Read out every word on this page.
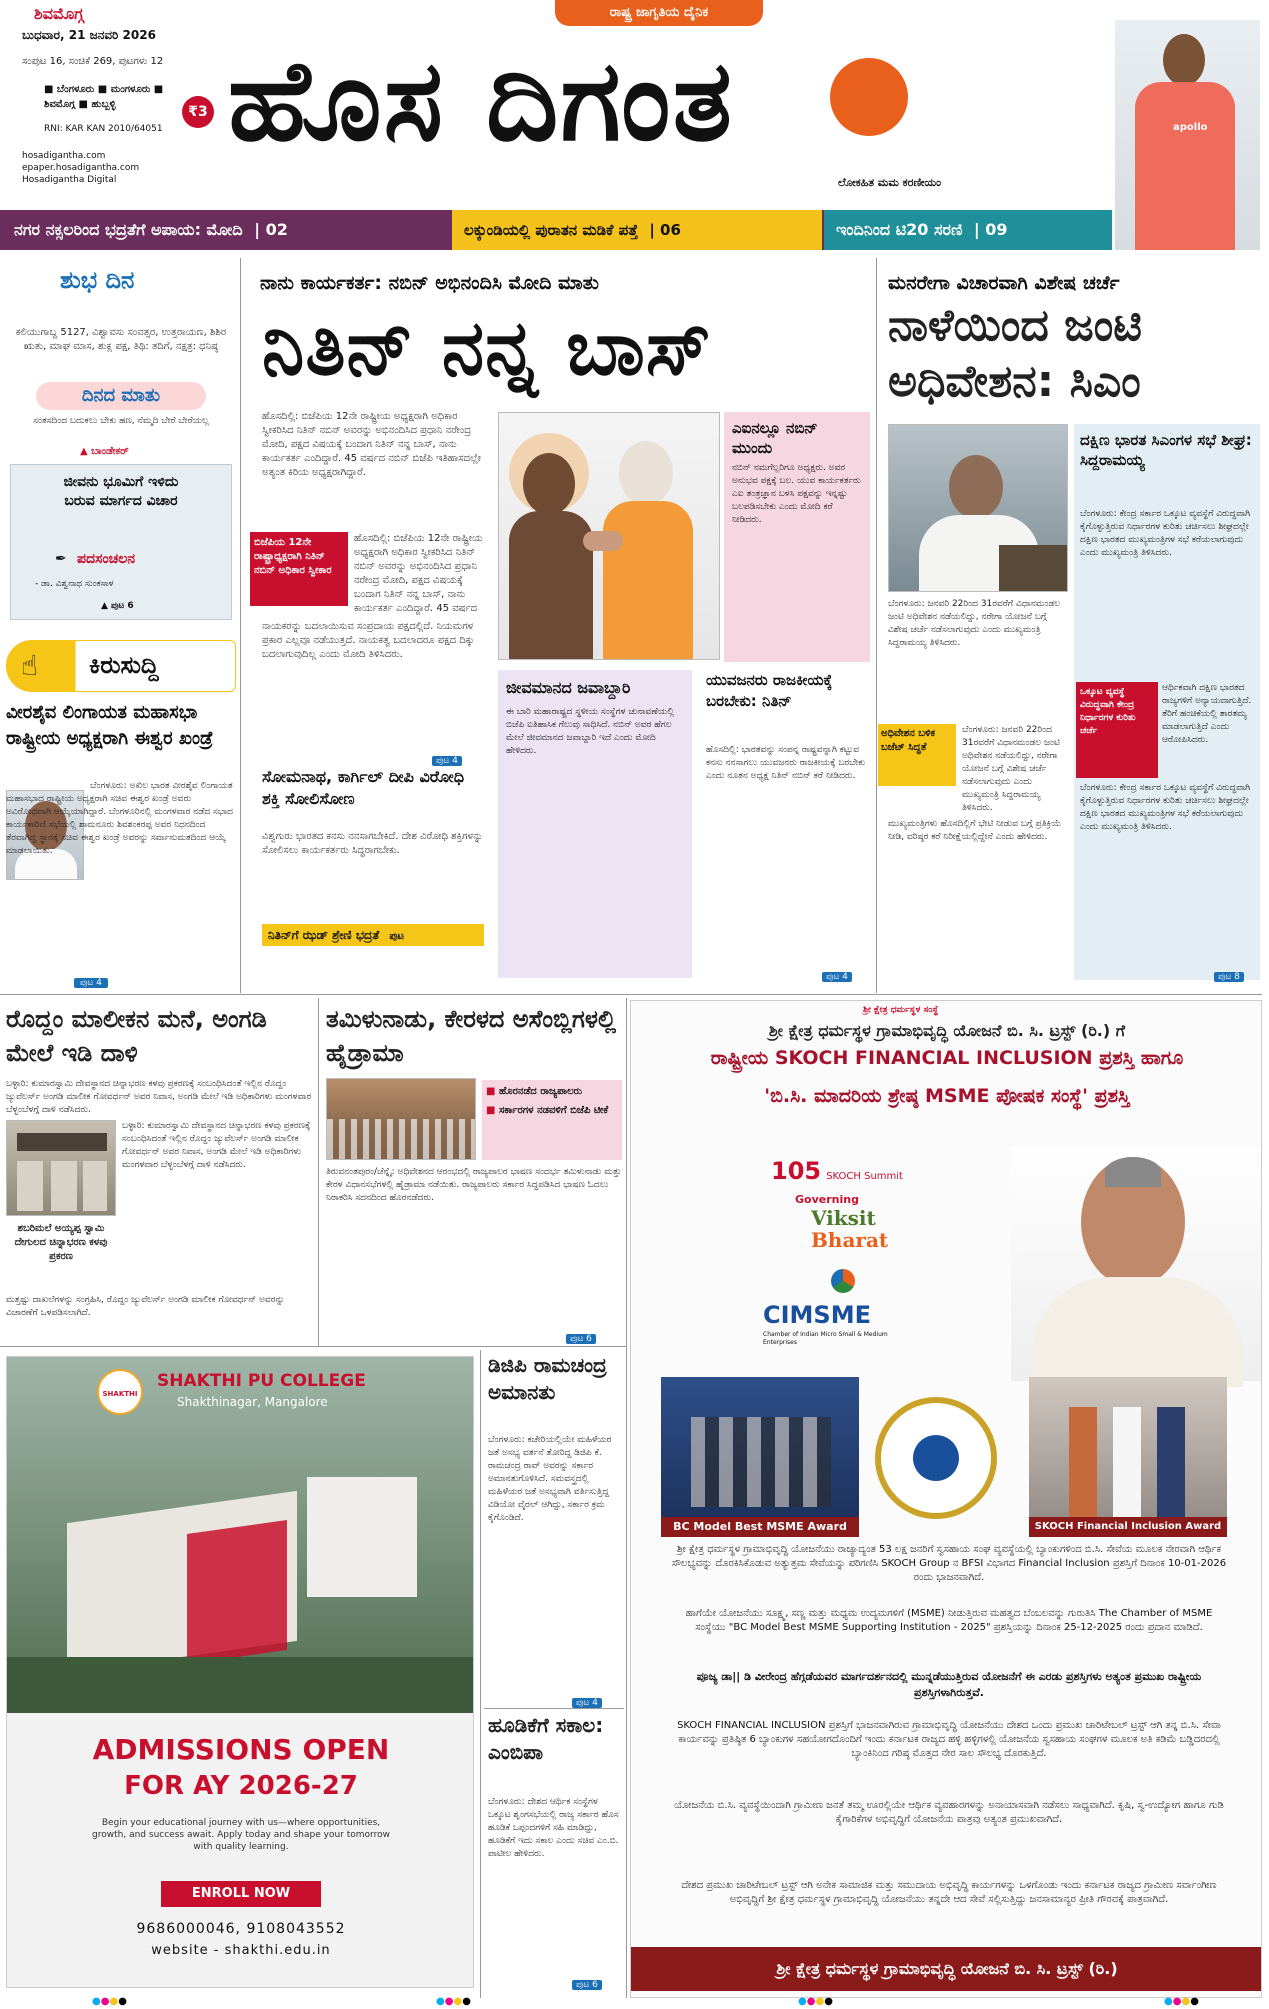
ಶಿವಮೊಗ್ಗ
ಬುಧವಾರ, 21 ಜನವರಿ 2026
ಸಂಪುಟ 16, ಸಂಚಿಕೆ 269, ಪುಟಗಳು 12
■ ಬೆಂಗಳೂರು ■ ಮಂಗಳೂರು ■ ಶಿವಮೊಗ್ಗ ■ ಹುಬ್ಬಳ್ಳಿ	₹3
RNI: KAR KAN 2010/64051
hosadigantha.com
epaper.hosadigantha.com
Hosadigantha Digital
ರಾಷ್ಟ್ರ ಜಾಗೃತಿಯ ದೈನಿಕ
ಹೊಸ ದಿಗಂತ
ಲೋಕಹಿತ ಮಮ ಕರಣೀಯಂ
apollo
ನಗರ ನಕ್ಸಲರಿಂದ ಭದ್ರತೆಗೆ ಅಪಾಯ: ಮೋದಿ | 02	ಲಕ್ಕುಂಡಿಯಲ್ಲಿ ಪುರಾತನ ಮಡಿಕೆ ಪತ್ತೆ | 06	ಇಂದಿನಿಂದ ಟಿ20 ಸರಣಿ | 09
ಶುಭ ದಿನ
ಕಲಿಯುಗಾಬ್ದ 5127, ವಿಶ್ವಾವಸು ಸಂವತ್ಸರ, ಉತ್ತರಾಯಣ, ಶಿಶಿರ ಋತು, ಮಾಘ ಮಾಸ, ಶುಕ್ಲ ಪಕ್ಷ, ತಿಥಿ: ತದಿಗೆ, ನಕ್ಷತ್ರ: ಧನಿಷ್ಠ
ದಿನದ ಮಾತು
ಸಂತಸದಿಂದ ಬದುಕಲು ಬೇಕು ಹಣ, ನೆಮ್ಮದಿ ಬೇರೆ ಬೇರೆಯಲ್ಲ
▲ ಬಾಂಡೇಕರ್
ಜೀವನು ಭೂಮಿಗೆ ಇಳಿದು ಬರುವ ಮಾರ್ಗದ ವಿಚಾರ
✒ ಪದಸಂಚಲನ
- ಡಾ. ವಿಶ್ವನಾಥ ಸುಂಕಸಾಳ
▲ ಪುಟ 6
☝ ಕಿರುಸುದ್ದಿ
ವೀರಶೈವ ಲಿಂಗಾಯತ ಮಹಾಸಭಾ ರಾಷ್ಟ್ರೀಯ ಅಧ್ಯಕ್ಷರಾಗಿ ಈಶ್ವರ ಖಂಡ್ರೆ
ಬೆಂಗಳೂರು: ಅಖಿಲ ಭಾರತ ವೀರಶೈವ ಲಿಂಗಾಯತ ಮಹಾಸಭಾದ ರಾಷ್ಟ್ರೀಯ ಅಧ್ಯಕ್ಷರಾಗಿ ಸಚಿವ ಈಶ್ವರ ಖಂಡ್ರೆ ಅವರು ಅವಿರೋಧವಾಗಿ ಆಯ್ಕೆಯಾಗಿದ್ದಾರೆ. ಬೆಂಗಳೂರಿನಲ್ಲಿ ಮಂಗಳವಾರ ನಡೆದ ಸಭಾದ ಕಾರ್ಯಕಾರಿಣಿ ಸಭೆಯಲ್ಲಿ ಶಾಮನೂರು ಶಿವಶಂಕರಪ್ಪ ಅವರ ನಿಧನದಿಂದ ತೆರವಾಗಿದ್ದ ಸ್ಥಾನಕ್ಕೆ ಸಚಿವ ಈಶ್ವರ ಖಂಡ್ರೆ ಅವರನ್ನು ಸರ್ವಾನುಮತದಿಂದ ಆಯ್ಕೆ ಮಾಡಲಾಯಿತು.
ಪುಟ 4
ನಾನು ಕಾರ್ಯಕರ್ತ: ನಬಿನ್ ಅಭಿನಂದಿಸಿ ಮೋದಿ ಮಾತು
ನಿತಿನ್ ನನ್ನ ಬಾಸ್
ಹೊಸದಿಲ್ಲಿ: ಬಿಜೆಪಿಯ 12ನೇ ರಾಷ್ಟ್ರೀಯ ಅಧ್ಯಕ್ಷರಾಗಿ ಅಧಿಕಾರ ಸ್ವೀಕರಿಸಿದ ನಿತಿನ್ ನಬಿನ್ ಅವರನ್ನು ಅಭಿನಂದಿಸಿದ ಪ್ರಧಾನಿ ನರೇಂದ್ರ ಮೋದಿ, ಪಕ್ಷದ ವಿಷಯಕ್ಕೆ ಬಂದಾಗ ನಿತಿನ್ ನನ್ನ ಬಾಸ್, ನಾನು ಕಾರ್ಯಕರ್ತ ಎಂದಿದ್ದಾರೆ. 45 ವರ್ಷದ ನಬಿನ್ ಬಿಜೆಪಿ ಇತಿಹಾಸದಲ್ಲೇ ಅತ್ಯಂತ ಕಿರಿಯ ಅಧ್ಯಕ್ಷರಾಗಿದ್ದಾರೆ.
ಬಿಜೆಪಿಯ 12ನೇ ರಾಷ್ಟ್ರಾಧ್ಯಕ್ಷರಾಗಿ ನಿತಿನ್ ನಬಿನ್ ಅಧಿಕಾರ ಸ್ವೀಕಾರ
ಹೊಸದಿಲ್ಲಿ: ಬಿಜೆಪಿಯ 12ನೇ ರಾಷ್ಟ್ರೀಯ ಅಧ್ಯಕ್ಷರಾಗಿ ಅಧಿಕಾರ ಸ್ವೀಕರಿಸಿದ ನಿತಿನ್ ನಬಿನ್ ಅವರನ್ನು ಅಭಿನಂದಿಸಿದ ಪ್ರಧಾನಿ ನರೇಂದ್ರ ಮೋದಿ, ಪಕ್ಷದ ವಿಷಯಕ್ಕೆ ಬಂದಾಗ ನಿತಿನ್ ನನ್ನ ಬಾಸ್, ನಾನು ಕಾರ್ಯಕರ್ತ ಎಂದಿದ್ದಾರೆ. 45 ವರ್ಷದ
ನಾಯಕರನ್ನು ಬದಲಾಯಿಸುವ ಸಂಪ್ರದಾಯ ಪಕ್ಷದಲ್ಲಿದೆ. ನಿಯಮಗಳ ಪ್ರಕಾರ ಎಲ್ಲವೂ ನಡೆಯುತ್ತದೆ. ನಾಯಕತ್ವ ಬದಲಾದರೂ ಪಕ್ಷದ ದಿಕ್ಕು ಬದಲಾಗುವುದಿಲ್ಲ ಎಂದು ಮೋದಿ ತಿಳಿಸಿದರು.
ಪುಟ 4
ಎಐನಲ್ಲೂ ನಬಿನ್ ಮುಂದು
ನಬಿನ್ ನಮಗೆಲ್ಲರಿಗೂ ಅಧ್ಯಕ್ಷರು. ಅವರ ಅನುಭವ ಪಕ್ಷಕ್ಕೆ ಬಲ. ಯುವ ಕಾರ್ಯಕರ್ತರು ಎಐ ತಂತ್ರಜ್ಞಾನ ಬಳಸಿ ಪಕ್ಷವನ್ನು ಇನ್ನಷ್ಟು ಬಲಪಡಿಸಬೇಕು ಎಂದು ಮೋದಿ ಕರೆ ನೀಡಿದರು.
ಸೋಮನಾಥ, ಕಾರ್ಗಿಲ್ ದೀಪಿ ವಿರೋಧಿ ಶಕ್ತಿ ಸೋಲಿಸೋಣ
ವಿಶ್ವಗುರು ಭಾರತದ ಕನಸು ನನಸಾಗಬೇಕಿದೆ. ದೇಶ ವಿರೋಧಿ ಶಕ್ತಿಗಳನ್ನು ಸೋಲಿಸಲು ಕಾರ್ಯಕರ್ತರು ಸಿದ್ಧರಾಗಬೇಕು.
ನಿತಿನ್‌ಗೆ ಝಡ್ ಶ್ರೇಣಿ ಭದ್ರತೆ ಪುಟ
ಜೀವಮಾನದ ಜವಾಬ್ದಾರಿ
ಈ ಬಾರಿ ಮಹಾರಾಷ್ಟ್ರದ ಸ್ಥಳೀಯ ಸಂಸ್ಥೆಗಳ ಚುನಾವಣೆಯಲ್ಲಿ ಬಿಜೆಪಿ ಐತಿಹಾಸಿಕ ಗೆಲುವು ಸಾಧಿಸಿದೆ. ನಬಿನ್ ಅವರ ಹೆಗಲ ಮೇಲೆ ಜೀವಮಾನದ ಜವಾಬ್ದಾರಿ ಇದೆ ಎಂದು ಮೋದಿ ಹೇಳಿದರು.
ಯುವಜನರು ರಾಜಕೀಯಕ್ಕೆ ಬರಬೇಕು: ನಿತಿನ್
ಹೊಸದಿಲ್ಲಿ: ಭಾರತವನ್ನು ಸಂಪನ್ನ ರಾಷ್ಟ್ರವನ್ನಾಗಿ ಕಟ್ಟುವ ಕನಸು ನನಸಾಗಲು ಯುವಜನರು ರಾಜಕೀಯಕ್ಕೆ ಬರಬೇಕು ಎಂದು ನೂತನ ಅಧ್ಯಕ್ಷ ನಿತಿನ್ ನಬಿನ್ ಕರೆ ನೀಡಿದರು.
ಪುಟ 4
ಮನರೇಗಾ ವಿಚಾರವಾಗಿ ವಿಶೇಷ ಚರ್ಚೆ
ನಾಳೆಯಿಂದ ಜಂಟಿ ಅಧಿವೇಶನ: ಸಿಎಂ
ಬೆಂಗಳೂರು: ಜನವರಿ 22ರಿಂದ 31ರವರೆಗೆ ವಿಧಾನಮಂಡಲ ಜಂಟಿ ಅಧಿವೇಶನ ನಡೆಯಲಿದ್ದು, ನರೇಗಾ ಯೋಜನೆ ಬಗ್ಗೆ ವಿಶೇಷ ಚರ್ಚೆ ನಡೆಸಲಾಗುವುದು ಎಂದು ಮುಖ್ಯಮಂತ್ರಿ ಸಿದ್ದರಾಮಯ್ಯ ತಿಳಿಸಿದರು.
ಅಧಿವೇಶನ ಬಳಿಕ ಬಜೆಟ್ ಸಿದ್ಧತೆ
ಬೆಂಗಳೂರು: ಜನವರಿ 22ರಿಂದ 31ರವರೆಗೆ ವಿಧಾನಮಂಡಲ ಜಂಟಿ ಅಧಿವೇಶನ ನಡೆಯಲಿದ್ದು, ನರೇಗಾ ಯೋಜನೆ ಬಗ್ಗೆ ವಿಶೇಷ ಚರ್ಚೆ ನಡೆಸಲಾಗುವುದು ಎಂದು ಮುಖ್ಯಮಂತ್ರಿ ಸಿದ್ದರಾಮಯ್ಯ ತಿಳಿಸಿದರು.
ಮುಖ್ಯಮಂತ್ರಿಗಳು ಹೊಸದಿಲ್ಲಿಗೆ ಭೇಟಿ ನೀಡುವ ಬಗ್ಗೆ ಪ್ರತಿಕ್ರಿಯೆ ನೀಡಿ, ವರಿಷ್ಠರ ಕರೆ ನಿರೀಕ್ಷೆಯಲ್ಲಿದ್ದೇನೆ ಎಂದು ಹೇಳಿದರು.
ದಕ್ಷಿಣ ಭಾರತ ಸಿಎಂಗಳ ಸಭೆ ಶೀಘ್ರ: ಸಿದ್ದರಾಮಯ್ಯ
ಬೆಂಗಳೂರು: ಕೇಂದ್ರ ಸರ್ಕಾರ ಒಕ್ಕೂಟ ವ್ಯವಸ್ಥೆಗೆ ವಿರುದ್ಧವಾಗಿ ಕೈಗೊಳ್ಳುತ್ತಿರುವ ನಿರ್ಧಾರಗಳ ಕುರಿತು ಚರ್ಚಿಸಲು ಶೀಘ್ರದಲ್ಲೇ ದಕ್ಷಿಣ ಭಾರತದ ಮುಖ್ಯಮಂತ್ರಿಗಳ ಸಭೆ ಕರೆಯಲಾಗುವುದು ಎಂದು ಮುಖ್ಯಮಂತ್ರಿ ತಿಳಿಸಿದರು.
ಒಕ್ಕೂಟ ವ್ಯವಸ್ಥೆ ವಿರುದ್ಧವಾಗಿ ಕೇಂದ್ರ ನಿರ್ಧಾರಗಳ ಕುರಿತು ಚರ್ಚೆ
ಆರ್ಥಿಕವಾಗಿ ದಕ್ಷಿಣ ಭಾರತದ ರಾಜ್ಯಗಳಿಗೆ ಅನ್ಯಾಯವಾಗುತ್ತಿದೆ. ತೆರಿಗೆ ಹಂಚಿಕೆಯಲ್ಲಿ ತಾರತಮ್ಯ ಮಾಡಲಾಗುತ್ತಿದೆ ಎಂದು ಆರೋಪಿಸಿದರು.
ಬೆಂಗಳೂರು: ಕೇಂದ್ರ ಸರ್ಕಾರ ಒಕ್ಕೂಟ ವ್ಯವಸ್ಥೆಗೆ ವಿರುದ್ಧವಾಗಿ ಕೈಗೊಳ್ಳುತ್ತಿರುವ ನಿರ್ಧಾರಗಳ ಕುರಿತು ಚರ್ಚಿಸಲು ಶೀಘ್ರದಲ್ಲೇ ದಕ್ಷಿಣ ಭಾರತದ ಮುಖ್ಯಮಂತ್ರಿಗಳ ಸಭೆ ಕರೆಯಲಾಗುವುದು ಎಂದು ಮುಖ್ಯಮಂತ್ರಿ ತಿಳಿಸಿದರು.
ಪುಟ 8
ರೊದ್ದಂ ಮಾಲೀಕನ ಮನೆ, ಅಂಗಡಿ ಮೇಲೆ ಇಡಿ ದಾಳಿ
ಶಬರಿಮಲೆ ಅಯ್ಯಪ್ಪ ಸ್ವಾಮಿ ದೇಗುಲದ ಚಿನ್ನಾಭರಣ ಕಳವು ಪ್ರಕರಣ
ಬಳ್ಳಾರಿ: ಕುಮಾರಸ್ವಾಮಿ ದೇವಸ್ಥಾನದ ಚಿನ್ನಾಭರಣ ಕಳವು ಪ್ರಕರಣಕ್ಕೆ ಸಂಬಂಧಿಸಿದಂತೆ ಇಲ್ಲಿನ ರೊದ್ದಂ ಜ್ಯುವೆಲರ್ಸ್ ಅಂಗಡಿ ಮಾಲೀಕ ಗೋವರ್ಧನ್ ಅವರ ನಿವಾಸ, ಅಂಗಡಿ ಮೇಲೆ ಇಡಿ ಅಧಿಕಾರಿಗಳು ಮಂಗಳವಾರ ಬೆಳ್ಳಂಬೆಳಗ್ಗೆ ದಾಳಿ ನಡೆಸಿದರು.
ಬಳ್ಳಾರಿ: ಕುಮಾರಸ್ವಾಮಿ ದೇವಸ್ಥಾನದ ಚಿನ್ನಾಭರಣ ಕಳವು ಪ್ರಕರಣಕ್ಕೆ ಸಂಬಂಧಿಸಿದಂತೆ ಇಲ್ಲಿನ ರೊದ್ದಂ ಜ್ಯುವೆಲರ್ಸ್ ಅಂಗಡಿ ಮಾಲೀಕ ಗೋವರ್ಧನ್ ಅವರ ನಿವಾಸ, ಅಂಗಡಿ ಮೇಲೆ ಇಡಿ ಅಧಿಕಾರಿಗಳು ಮಂಗಳವಾರ ಬೆಳ್ಳಂಬೆಳಗ್ಗೆ ದಾಳಿ ನಡೆಸಿದರು.
ಮತ್ತಷ್ಟು ದಾಖಲೆಗಳನ್ನು ಸಂಗ್ರಹಿಸಿ, ರೊದ್ದಂ ಜ್ಯುವೆಲರ್ಸ್ ಅಂಗಡಿ ಮಾಲೀಕ ಗೋವರ್ಧನ್ ಅವರನ್ನು ವಿಚಾರಣೆಗೆ ಒಳಪಡಿಸಲಾಗಿದೆ.
ತಮಿಳುನಾಡು, ಕೇರಳದ ಅಸೆಂಬ್ಲಿಗಳಲ್ಲಿ ಹೈಡ್ರಾಮಾ
■ ಹೊರನಡೆದ ರಾಜ್ಯಪಾಲರು
■ ಸರ್ಕಾರಗಳ ನಡವಳಿಗೆ ಬಿಜೆಪಿ ಟೀಕೆ
ತಿರುವನಂತಪುರಂ/ಚೆನ್ನೈ: ಅಧಿವೇಶನದ ಆರಂಭದಲ್ಲಿ ರಾಜ್ಯಪಾಲರ ಭಾಷಣ ಸಂದರ್ಭ ತಮಿಳುನಾಡು ಮತ್ತು ಕೇರಳ ವಿಧಾನಸಭೆಗಳಲ್ಲಿ ಹೈಡ್ರಾಮಾ ನಡೆಯಿತು. ರಾಜ್ಯಪಾಲರು ಸರ್ಕಾರ ಸಿದ್ಧಪಡಿಸಿದ ಭಾಷಣ ಓದಲು ನಿರಾಕರಿಸಿ ಸದನದಿಂದ ಹೊರನಡೆದರು.
ಪುಟ 6
ಶ್ರೀ ಕ್ಷೇತ್ರ ಧರ್ಮಸ್ಥಳ ಸಂಸ್ಥೆ
ಶ್ರೀ ಕ್ಷೇತ್ರ ಧರ್ಮಸ್ಥಳ ಗ್ರಾಮಾಭಿವೃದ್ಧಿ ಯೋಜನೆ ಬಿ. ಸಿ. ಟ್ರಸ್ಟ್ (ರಿ.) ಗೆ
ರಾಷ್ಟ್ರೀಯ SKOCH FINANCIAL INCLUSION ಪ್ರಶಸ್ತಿ ಹಾಗೂ
'ಬಿ.ಸಿ. ಮಾದರಿಯ ಶ್ರೇಷ್ಠ MSME ಪೋಷಕ ಸಂಸ್ಥೆ' ಪ್ರಶಸ್ತಿ
105 SKOCH Summit
Governing
Viksit
Bharat
CIMSME
Chamber of Indian Micro Small & Medium Enterprises
BC Model Best MSME Award	SKOCH Financial Inclusion Award
ಶ್ರೀ ಕ್ಷೇತ್ರ ಧರ್ಮಸ್ಥಳ ಗ್ರಾಮಾಭಿವೃದ್ಧಿ ಯೋಜನೆಯು ರಾಜ್ಯಾದ್ಯಂತ 53 ಲಕ್ಷ ಜನರಿಗೆ ಸ್ವಸಹಾಯ ಸಂಘ ವ್ಯವಸ್ಥೆಯಲ್ಲಿ ಬ್ಯಾಂಕುಗಳಿಂದ ಬಿ.ಸಿ. ಸೇವೆಯ ಮೂಲಕ ನೇರವಾಗಿ ಆರ್ಥಿಕ ಸೌಲಭ್ಯವನ್ನು ದೊರಕಿಸಿಕೊಡುವ ಅತ್ಯುತ್ತಮ ಸೇವೆಯನ್ನು ಪರಿಗಣಿಸಿ SKOCH Group ನ BFSI ವಿಭಾಗದ Financial Inclusion ಪ್ರಶಸ್ತಿಗೆ ದಿನಾಂಕ 10-01-2026 ರಂದು ಭಾಜನವಾಗಿದೆ.
ಹಾಗೆಯೇ ಯೋಜನೆಯು ಸೂಕ್ಷ್ಮ, ಸಣ್ಣ ಮತ್ತು ಮಧ್ಯಮ ಉದ್ಯಮಗಳಿಗೆ (MSME) ನೀಡುತ್ತಿರುವ ಮಹತ್ವದ ಬೆಂಬಲವನ್ನು ಗುರುತಿಸಿ The Chamber of MSME ಸಂಸ್ಥೆಯು "BC Model Best MSME Supporting Institution - 2025" ಪ್ರಶಸ್ತಿಯನ್ನು ದಿನಾಂಕ 25-12-2025 ರಂದು ಪ್ರದಾನ ಮಾಡಿದೆ.
ಪೂಜ್ಯ ಡಾ|| ಡಿ ವೀರೇಂದ್ರ ಹೆಗ್ಗಡೆಯವರ ಮಾರ್ಗದರ್ಶನದಲ್ಲಿ ಮುನ್ನಡೆಯುತ್ತಿರುವ ಯೋಜನೆಗೆ ಈ ಎರಡು ಪ್ರಶಸ್ತಿಗಳು ಅತ್ಯಂತ ಪ್ರಮುಖ ರಾಷ್ಟ್ರೀಯ ಪ್ರಶಸ್ತಿಗಳಾಗಿರುತ್ತವೆ.
SKOCH FINANCIAL INCLUSION ಪ್ರಶಸ್ತಿಗೆ ಭಾಜನವಾಗಿರುವ ಗ್ರಾಮಾಭಿವೃದ್ಧಿ ಯೋಜನೆಯು ದೇಶದ ಒಂದು ಪ್ರಮುಖ ಚಾರಿಟೇಬಲ್ ಟ್ರಸ್ಟ್ ಆಗಿ ತನ್ನ ಬಿ.ಸಿ. ಸೇವಾ ಕಾರ್ಯವನ್ನು ಪ್ರತಿಷ್ಠಿತ 6 ಬ್ಯಾಂಕುಗಳ ಸಹಯೋಗದೊಂದಿಗೆ ಇಂದು ಕರ್ನಾಟಕ ರಾಜ್ಯದ ಹಳ್ಳಿ ಹಳ್ಳಿಗಳಲ್ಲಿ ಯೋಜನೆಯ ಸ್ವಸಹಾಯ ಸಂಘಗಳ ಮೂಲಕ ಅತಿ ಕಡಿಮೆ ಬಡ್ಡಿದರದಲ್ಲಿ ಬ್ಯಾಂಕಿನಿಂದ ಗರಿಷ್ಠ ಮೊತ್ತದ ನೇರ ಸಾಲ ಸೌಲಭ್ಯ ದೊರಕುತ್ತಿದೆ.
ಯೋಜನೆಯ ಬಿ.ಸಿ. ವ್ಯವಸ್ಥೆಯಿಂದಾಗಿ ಗ್ರಾಮೀಣ ಜನತೆ ತಮ್ಮ ಊರಲ್ಲಿಯೇ ಆರ್ಥಿಕ ವ್ಯವಹಾರಗಳನ್ನು ಅನಾಯಾಸವಾಗಿ ನಡೆಸಲು ಸಾಧ್ಯವಾಗಿದೆ. ಕೃಷಿ, ಸ್ವ-ಉದ್ಯೋಗ ಹಾಗೂ ಗುಡಿ ಕೈಗಾರಿಕೆಗಳ ಅಭಿವೃದ್ಧಿಗೆ ಯೋಜನೆಯ ಪಾತ್ರವು ಅತ್ಯಂತ ಪ್ರಮುಖವಾಗಿದೆ.
ದೇಶದ ಪ್ರಮುಖ ಚಾರಿಟೇಬಲ್ ಟ್ರಸ್ಟ್ ಆಗಿ ಅನೇಕ ಸಾಮಾಜಿಕ ಮತ್ತು ಸಮುದಾಯ ಅಭಿವೃದ್ಧಿ ಕಾರ್ಯಗಳನ್ನು ಒಳಗೊಂಡು ಇಂದು ಕರ್ನಾಟಕ ರಾಜ್ಯದ ಗ್ರಾಮೀಣ ಸರ್ವಾಂಗೀಣ ಅಭಿವೃದ್ಧಿಗೆ ಶ್ರೀ ಕ್ಷೇತ್ರ ಧರ್ಮಸ್ಥಳ ಗ್ರಾಮಾಭಿವೃದ್ಧಿ ಯೋಜನೆಯು ತನ್ನದೇ ಆದ ಸೇವೆ ಸಲ್ಲಿಸುತ್ತಿದ್ದು ಜನಸಾಮಾನ್ಯರ ಪ್ರೀತಿ ಗೌರವಕ್ಕೆ ಪಾತ್ರವಾಗಿದೆ.
ಶ್ರೀ ಕ್ಷೇತ್ರ ಧರ್ಮಸ್ಥಳ ಗ್ರಾಮಾಭಿವೃದ್ಧಿ ಯೋಜನೆ ಬಿ. ಸಿ. ಟ್ರಸ್ಟ್ (ರಿ.)
SHAKTHI
SHAKTHI PU COLLEGE
Shakthinagar, Mangalore
ADMISSIONS OPEN
FOR AY 2026-27
Begin your educational journey with us—where opportunities, growth, and success await. Apply today and shape your tomorrow with quality learning.
ENROLL NOW
9686000046, 9108043552
website - shakthi.edu.in
ಡಿಜಿಪಿ ರಾಮಚಂದ್ರ ಅಮಾನತು
ಬೆಂಗಳೂರು: ಕಚೇರಿಯಲ್ಲಿಯೇ ಮಹಿಳೆಯರ ಜತೆ ಅಸಭ್ಯ ವರ್ತನೆ ತೋರಿದ್ದ ಡಿಜಿಪಿ ಕೆ. ರಾಮಚಂದ್ರ ರಾವ್ ಅವರನ್ನು ಸರ್ಕಾರ ಅಮಾನತುಗೊಳಿಸಿದೆ. ಸಮವಸ್ತ್ರದಲ್ಲಿ ಮಹಿಳೆಯರ ಜತೆ ಅಸಭ್ಯವಾಗಿ ವರ್ತಿಸುತ್ತಿದ್ದ ವಿಡಿಯೋ ವೈರಲ್ ಆಗಿದ್ದು, ಸರ್ಕಾರ ಕ್ರಮ ಕೈಗೊಂಡಿದೆ.
ಪುಟ 4
ಹೂಡಿಕೆಗೆ ಸಕಾಲ: ಎಂಬಿಪಾ
ಬೆಂಗಳೂರು: ದೇಶದ ಆರ್ಥಿಕ ಸಂಸ್ಥೆಗಳ ಒಕ್ಕೂಟ ಶೃಂಗಸಭೆಯಲ್ಲಿ ರಾಜ್ಯ ಸರ್ಕಾರ ಹೊಸ ಹೂಡಿಕೆ ಒಪ್ಪಂದಗಳಿಗೆ ಸಹಿ ಮಾಡಿದ್ದು, ಹೂಡಿಕೆಗೆ ಇದು ಸಕಾಲ ಎಂದು ಸಚಿವ ಎಂ.ಬಿ. ಪಾಟೀಲ ಹೇಳಿದರು.
ಪುಟ 6
●●●●	●●●●	●●●●	●●●●
